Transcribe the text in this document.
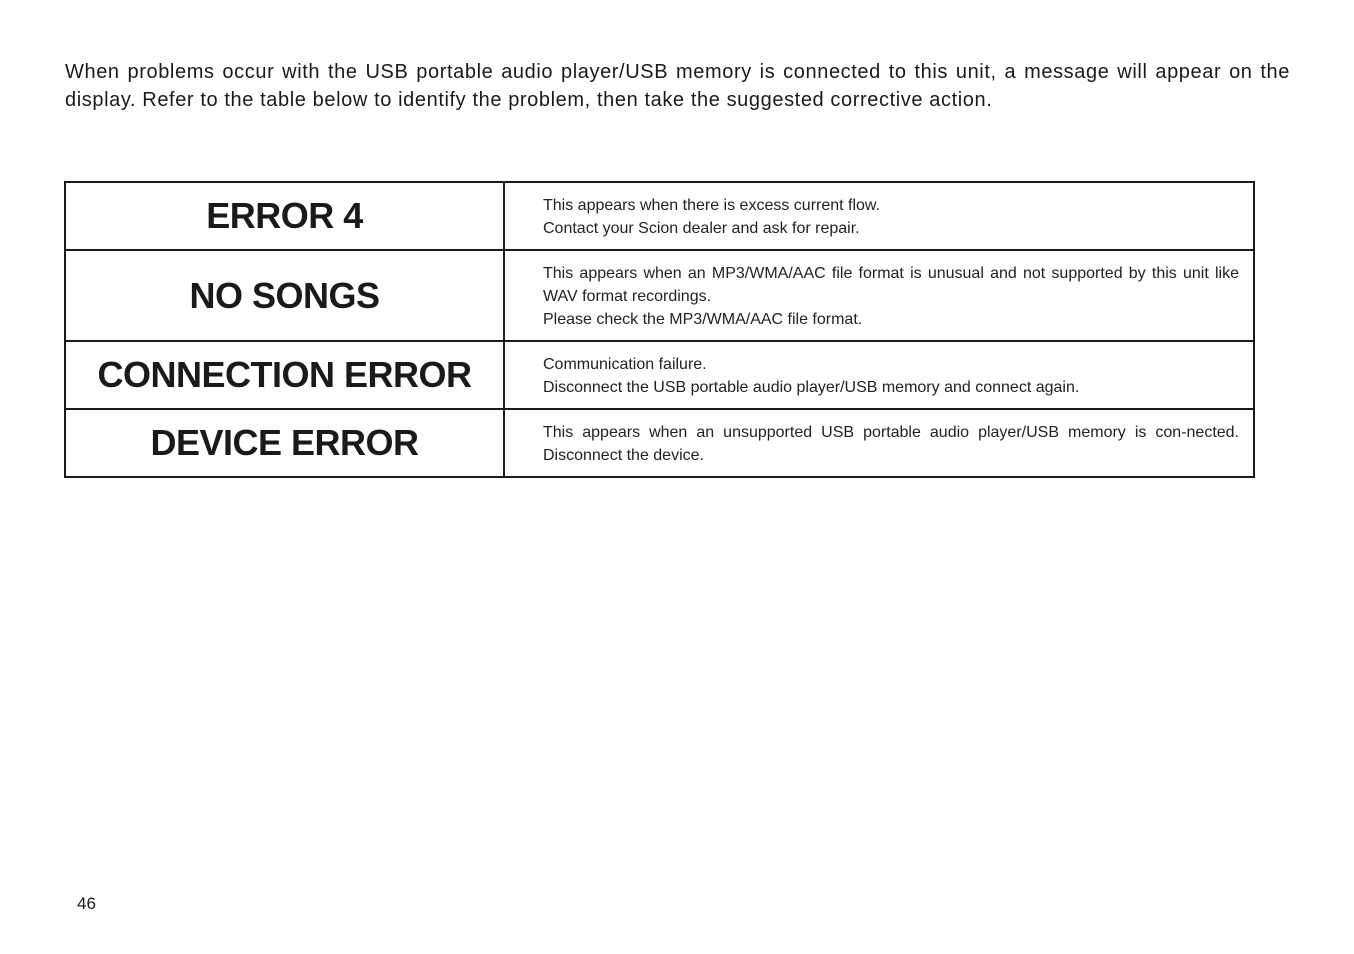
When problems occur with the USB portable audio player/USB memory is connected to this unit, a message will appear on the display. Refer to the table below to identify the problem, then take the suggested corrective action.

ERROR 4	This appears when there is excess current flow.
Contact your Scion dealer and ask for repair.

NO SONGS	This appears when an MP3/WMA/AAC file format is unusual and not supported by this unit like WAV format recordings.
Please check the MP3/WMA/AAC file format.

CONNECTION ERROR	Communication failure.
Disconnect the USB portable audio player/USB memory and connect again.

DEVICE ERROR	This appears when an unsupported USB portable audio player/USB memory is con-nected. Disconnect the device.
46
